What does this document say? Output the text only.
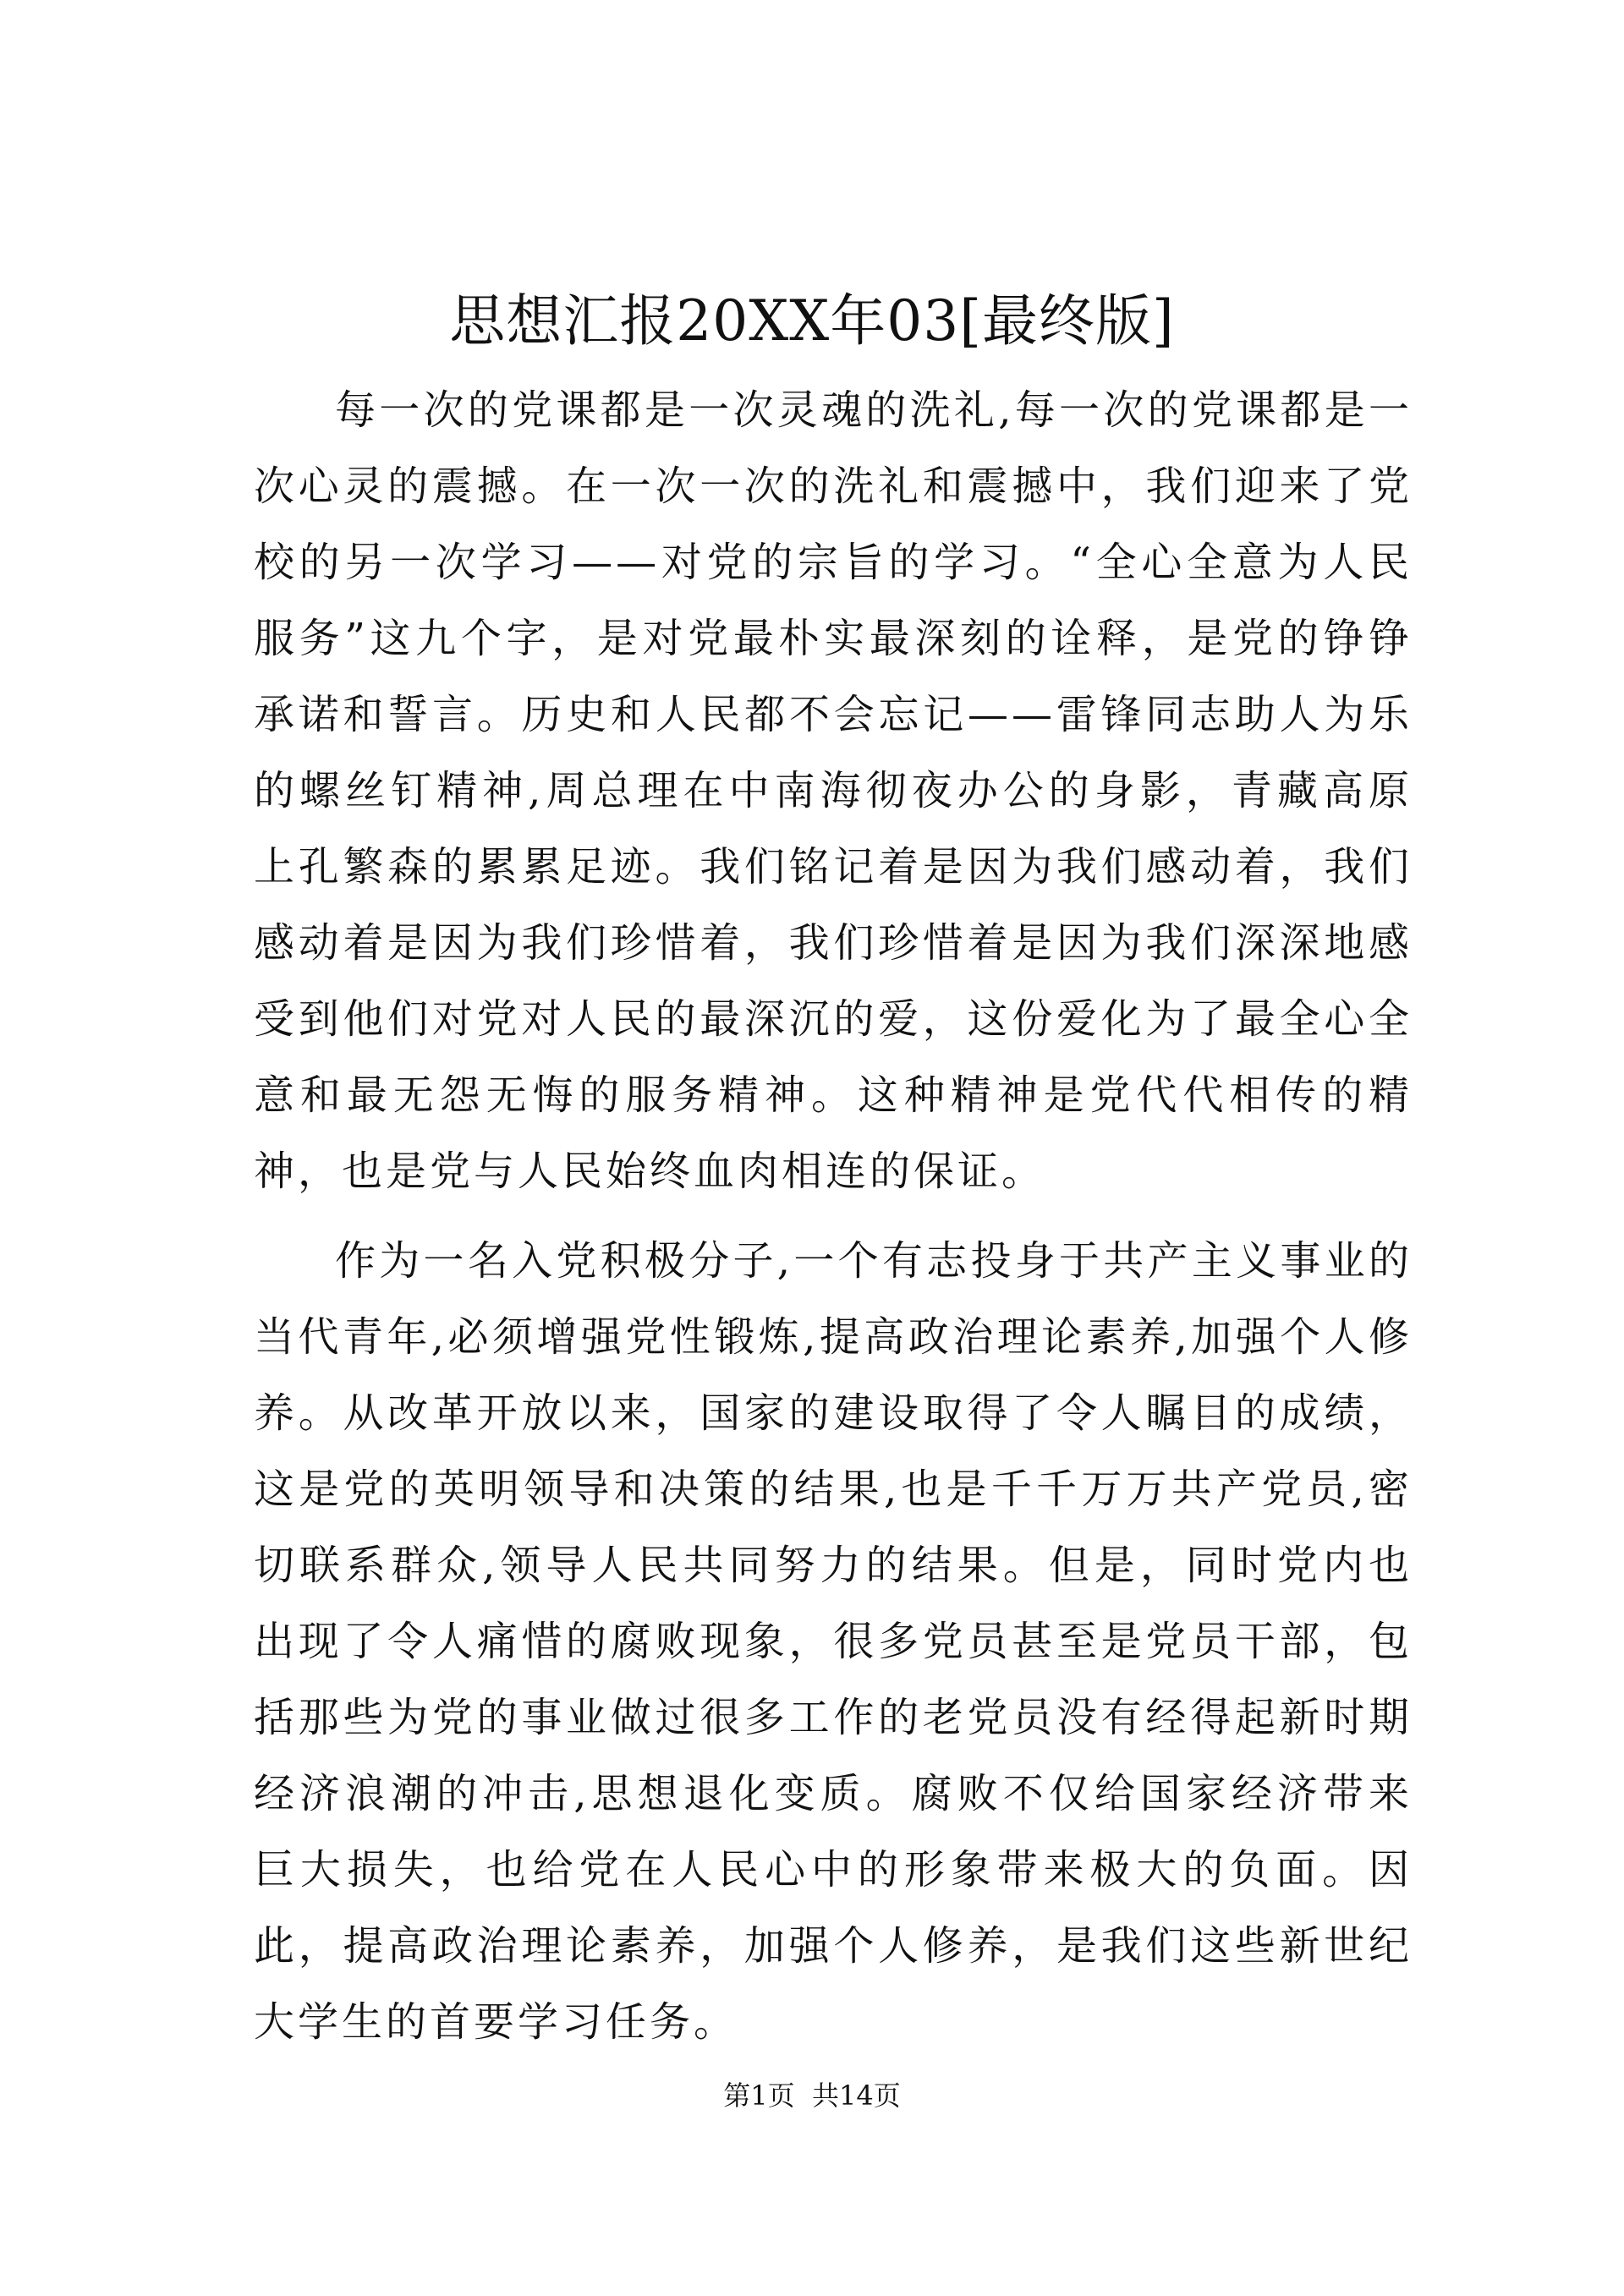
思想汇报20XX年03[最终版]

每一次的党课都是一次灵魂的洗礼,每一次的党课都是一次心灵的震撼。在一次一次的洗礼和震撼中，我们迎来了党校的另一次学习——对党的宗旨的学习。“全心全意为人民服务”这九个字，是对党最朴实最深刻的诠释，是党的铮铮承诺和誓言。历史和人民都不会忘记——雷锋同志助人为乐的螺丝钉精神,周总理在中南海彻夜办公的身影，青藏高原上孔繁森的累累足迹。我们铭记着是因为我们感动着，我们感动着是因为我们珍惜着，我们珍惜着是因为我们深深地感受到他们对党对人民的最深沉的爱，这份爱化为了最全心全意和最无怨无悔的服务精神。这种精神是党代代相传的精神，也是党与人民始终血肉相连的保证。

作为一名入党积极分子,一个有志投身于共产主义事业的当代青年,必须增强党性锻炼,提高政治理论素养,加强个人修养。从改革开放以来，国家的建设取得了令人瞩目的成绩，这是党的英明领导和决策的结果,也是千千万万共产党员,密切联系群众,领导人民共同努力的结果。但是，同时党内也出现了令人痛惜的腐败现象，很多党员甚至是党员干部，包括那些为党的事业做过很多工作的老党员没有经得起新时期经济浪潮的冲击,思想退化变质。腐败不仅给国家经济带来巨大损失，也给党在人民心中的形象带来极大的负面。因此，提高政治理论素养，加强个人修养，是我们这些新世纪大学生的首要学习任务。

第1页  共14页
